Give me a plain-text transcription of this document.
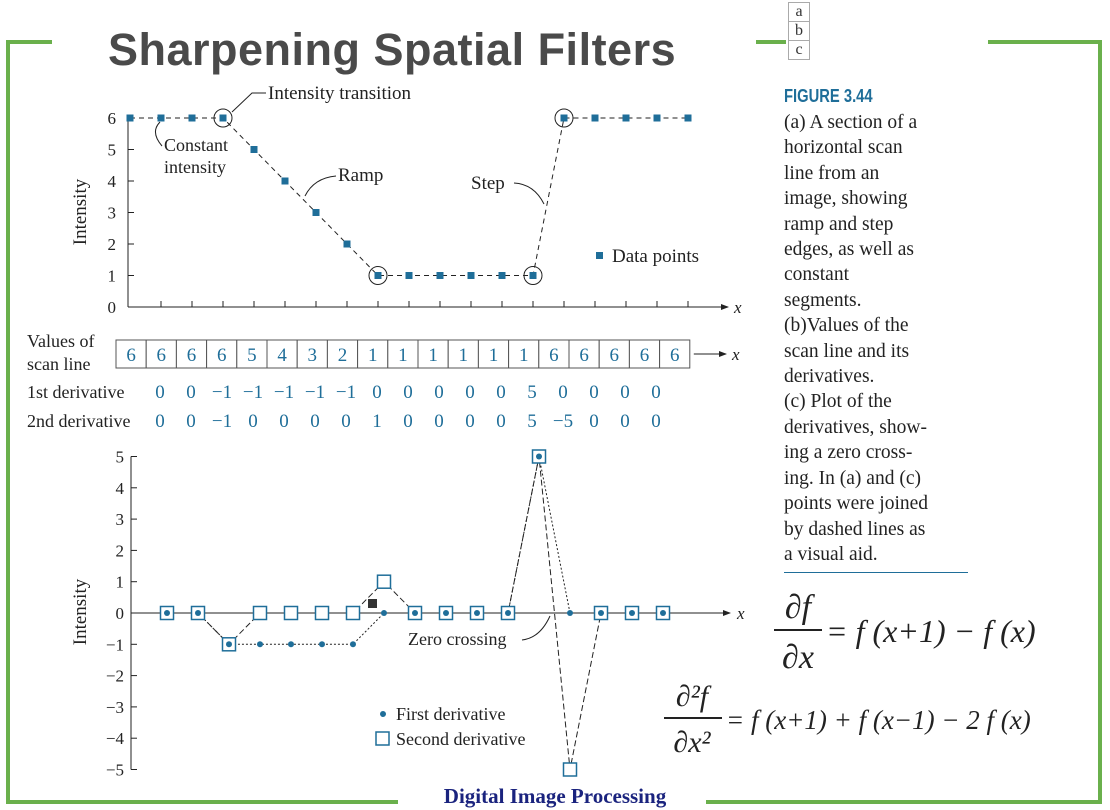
Sharpening Spatial Filters
a
b
c
FIGURE 3.44
(a) A section of a
horizontal scan
line from an
image, showing
ramp and step
edges, as well as
constant
segments.
(b)Values of the
scan line and its
derivatives.
(c) Plot of the
derivatives, show-
ing a zero cross-
ing. In (a) and (c)
points were joined
by dashed lines as
a visual aid.
x
0
1
2
3
4
5
6
Intensity
Data points
Intensity transition
Constant
intensity	Ramp	Step
Values of
scan line
1st derivative
2nd derivative
6 6 6 6 5 4 3 2 1 1 1 1 1 1 6 6 6 6 6	x
0 0 −1 −1 −1 −1 −1 0 0 0 0 0 5 0 0 0 0
0 0 −1 0 0 0 0 1 0 0 0 0 5 −5 0 0 0
x
5
4
3
2
1
0
−1
−2
−3
−4
−5
Intensity	Zero crossing
First derivative
Second derivative
∂f
∂x
= f (x+1) − f (x)
∂²f
∂x²
= f (x+1) + f (x−1) − 2 f (x)
Digital Image Processing
